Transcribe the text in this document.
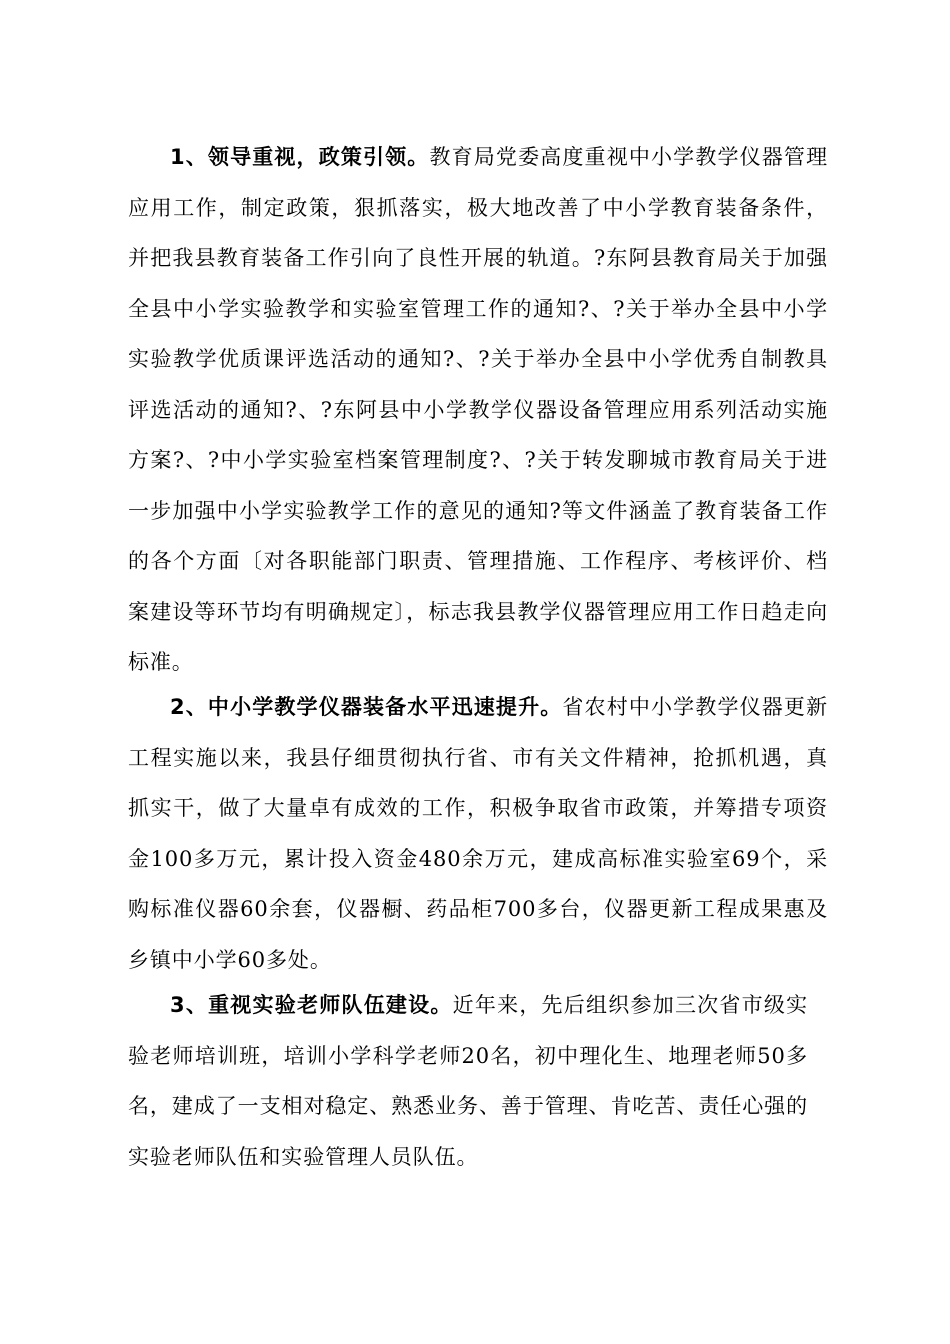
1、领导重视，政策引领。教育局党委高度重视中小学教学仪器管理应用工作，制定政策，狠抓落实，极大地改善了中小学教育装备条件，并把我县教育装备工作引向了良性开展的轨道。?东阿县教育局关于加强全县中小学实验教学和实验室管理工作的通知?、?关于举办全县中小学实验教学优质课评选活动的通知?、?关于举办全县中小学优秀自制教具评选活动的通知?、?东阿县中小学教学仪器设备管理应用系列活动实施方案?、?中小学实验室档案管理制度?、?关于转发聊城市教育局关于进一步加强中小学实验教学工作的意见的通知?等文件涵盖了教育装备工作的各个方面〔对各职能部门职责、管理措施、工作程序、考核评价、档案建设等环节均有明确规定〕，标志我县教学仪器管理应用工作日趋走向标准。

2、中小学教学仪器装备水平迅速提升。省农村中小学教学仪器更新工程实施以来，我县仔细贯彻执行省、市有关文件精神，抢抓机遇，真抓实干，做了大量卓有成效的工作，积极争取省市政策，并筹措专项资金100多万元，累计投入资金480余万元，建成高标准实验室69个，采购标准仪器60余套，仪器橱、药品柜700多台，仪器更新工程成果惠及乡镇中小学60多处。

3、重视实验老师队伍建设。近年来，先后组织参加三次省市级实验老师培训班，培训小学科学老师20名，初中理化生、地理老师50多名，建成了一支相对稳定、熟悉业务、善于管理、肯吃苦、责任心强的实验老师队伍和实验管理人员队伍。
